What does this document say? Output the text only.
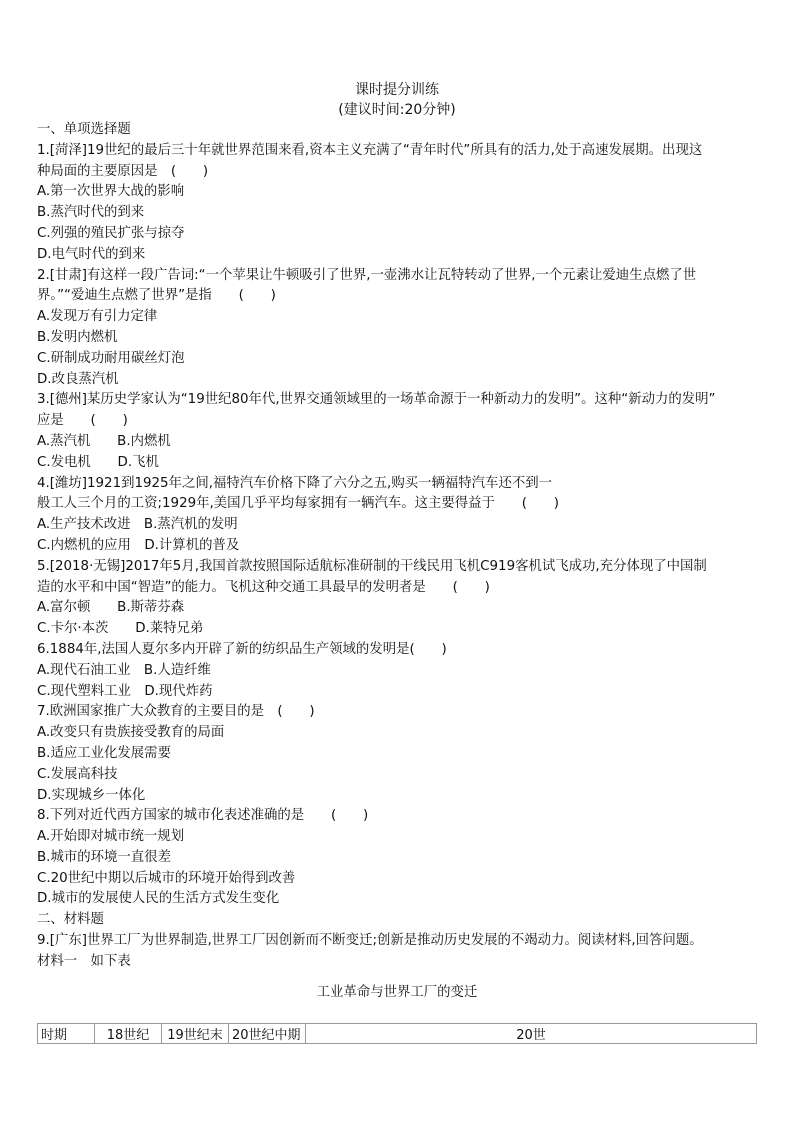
课时提分训练
(建议时间:20分钟)
一、单项选择题
1.[菏泽]19世纪的最后三十年就世界范围来看,资本主义充满了“青年时代”所具有的活力,处于高速发展期。出现这
种局面的主要原因是　(　　)
A.第一次世界大战的影响
B.蒸汽时代的到来
C.列强的殖民扩张与掠夺
D.电气时代的到来
2.[甘肃]有这样一段广告词:“一个苹果让牛顿吸引了世界,一壶沸水让瓦特转动了世界,一个元素让爱迪生点燃了世
界。”“爱迪生点燃了世界”是指　　(　　)
A.发现万有引力定律
B.发明内燃机
C.研制成功耐用碳丝灯泡
D.改良蒸汽机
3.[德州]某历史学家认为“19世纪80年代,世界交通领域里的一场革命源于一种新动力的发明”。这种“新动力的发明”
应是　　(　　)
A.蒸汽机　　B.内燃机
C.发电机　　D.飞机
4.[潍坊]1921到1925年之间,福特汽车价格下降了六分之五,购买一辆福特汽车还不到一
般工人三个月的工资;1929年,美国几乎平均每家拥有一辆汽车。这主要得益于　　(　　)
A.生产技术改进　B.蒸汽机的发明
C.内燃机的应用　D.计算机的普及
5.[2018·无锡]2017年5月,我国首款按照国际适航标准研制的干线民用飞机C919客机试飞成功,充分体现了中国制
造的水平和中国“智造”的能力。飞机这种交通工具最早的发明者是　　(　　)
A.富尔顿　　B.斯蒂芬森
C.卡尔·本茨　　D.莱特兄弟
6.1884年,法国人夏尔多内开辟了新的纺织品生产领域的发明是(　　)
A.现代石油工业　B.人造纤维
C.现代塑料工业　D.现代炸药
7.欧洲国家推广大众教育的主要目的是　(　　)
A.改变只有贵族接受教育的局面
B.适应工业化发展需要
C.发展高科技
D.实现城乡一体化
8.下列对近代西方国家的城市化表述准确的是　　(　　)
A.开始即对城市统一规划
B.城市的环境一直很差
C.20世纪中期以后城市的环境开始得到改善
D.城市的发展使人民的生活方式发生变化
二、材料题
9.[广东]世界工厂为世界制造,世界工厂因创新而不断变迁;创新是推动历史发展的不竭动力。阅读材料,回答问题。
材料一　如下表
工业革命与世界工厂的变迁
时期	18世纪	19世纪末	20世纪中期	20世
